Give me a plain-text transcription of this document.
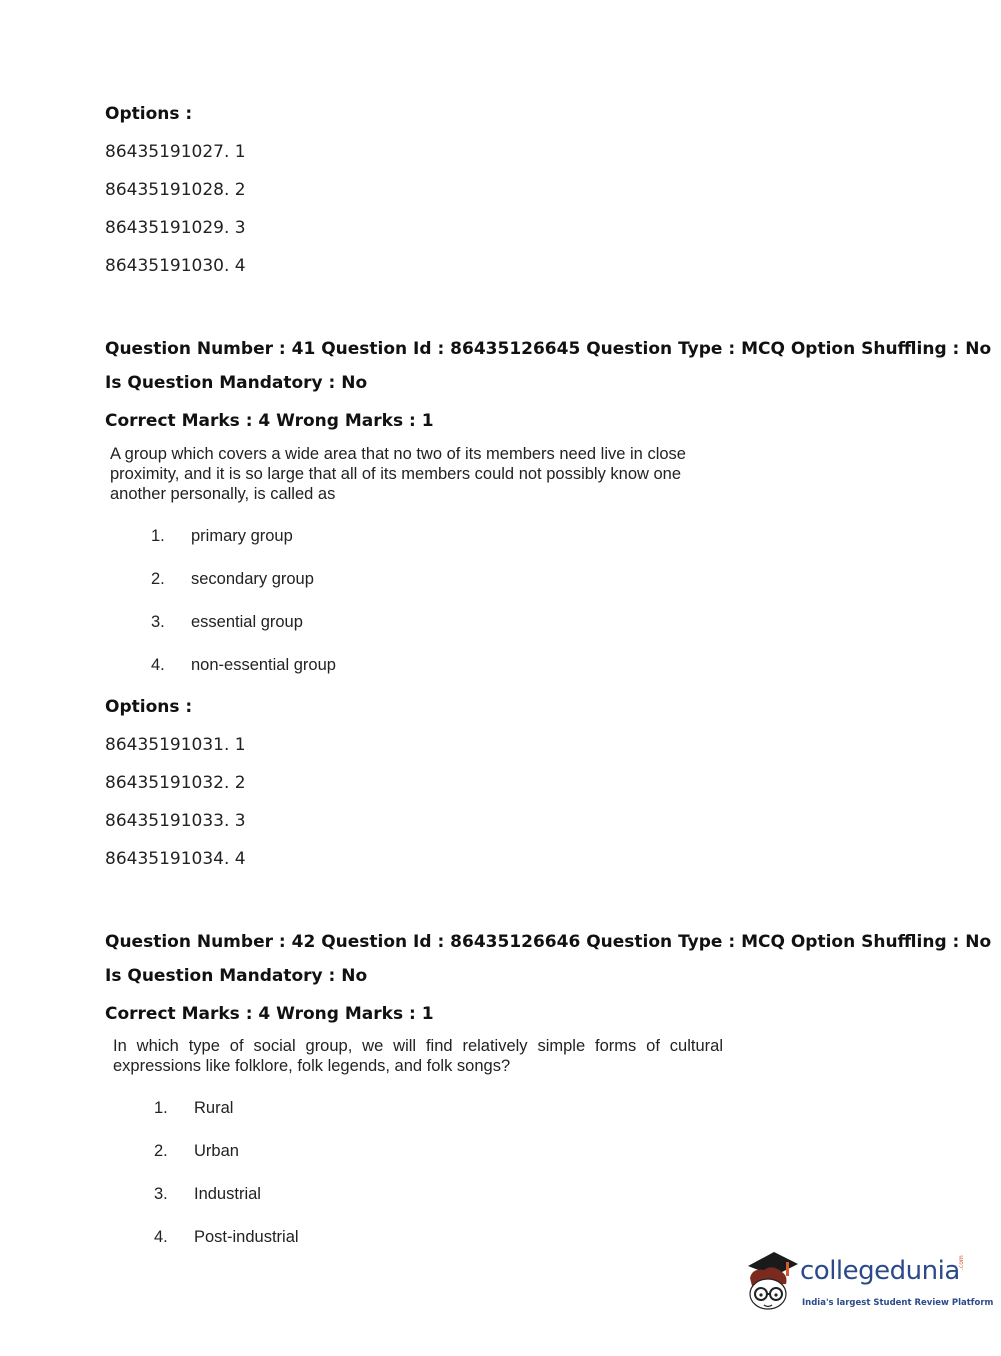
Options :
86435191027. 1
86435191028. 2
86435191029. 3
86435191030. 4
Question Number : 41 Question Id : 86435126645 Question Type : MCQ Option Shuffling : No
Is Question Mandatory : No
Correct Marks : 4 Wrong Marks : 1
A group which covers a wide area that no two of its members need live in close
proximity, and it is so large that all of its members could not possibly know one
another personally, is called as
1. primary group
2. secondary group
3. essential group
4. non-essential group
Options :
86435191031. 1
86435191032. 2
86435191033. 3
86435191034. 4
Question Number : 42 Question Id : 86435126646 Question Type : MCQ Option Shuffling : No
Is Question Mandatory : No
Correct Marks : 4 Wrong Marks : 1
In which type of social group, we will find relatively simple forms of cultural
expressions like folklore, folk legends, and folk songs?
1. Rural
2. Urban
3. Industrial
4. Post-industrial
collegedunia
.com
India's largest Student Review Platform
